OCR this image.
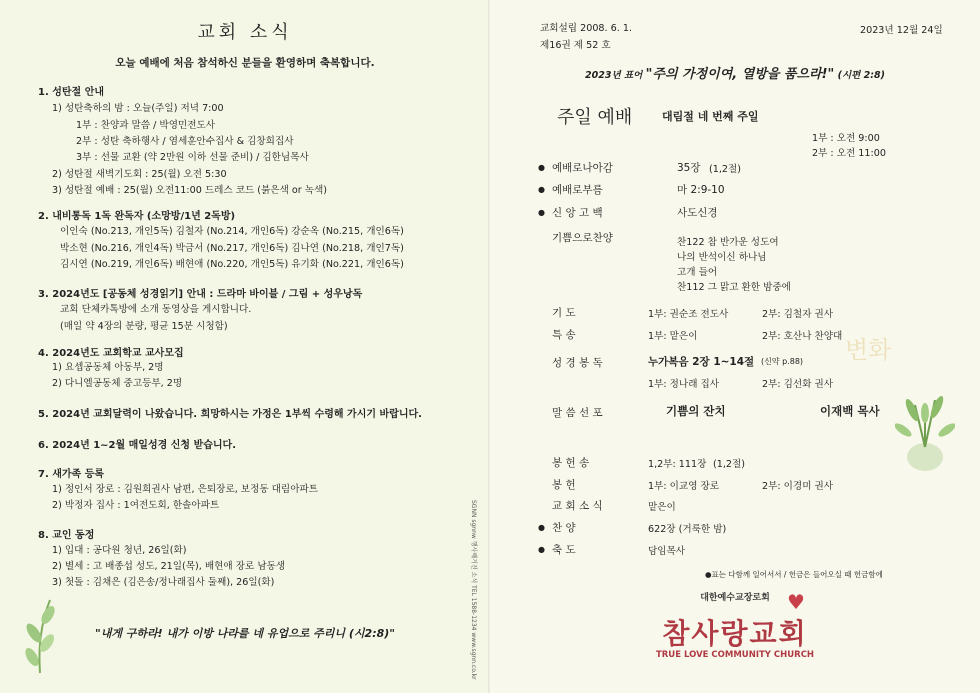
교회 소식
오늘 예배에 처음 참석하신 분들을 환영하며 축복합니다.
1. 성탄절 안내
1) 성탄축하의 밤 : 오늘(주일) 저녁 7:00
1부 : 찬양과 말씀 / 박영민전도사
2부 : 성탄 축하행사 / 염세훈안수집사 & 김창희집사
3부 : 선물 교환 (약 2만원 이하 선물 준비) / 김한님목사
2) 성탄절 새벽기도회 : 25(월) 오전 5:30
3) 성탄절 예배 : 25(월) 오전11:00 드레스 코드 (붉은색 or 녹색)
2. 내비통독 1독 완독자 (소망방/1년 2독방)
이인숙 (No.213, 개인5독) 김철자 (No.214, 개인6독) 강순옥 (No.215, 개인6독)
박소현 (No.216, 개인4독) 박금서 (No.217, 개인6독) 김나연 (No.218, 개인7독)
김시연 (No.219, 개인6독) 배현애 (No.220, 개인5독) 유기화 (No.221, 개인6독)
3. 2024년도 [공동체 성경읽기] 안내 : 드라마 바이블 / 그림 + 성우낭독
교회 단체카톡방에 소개 동영상을 게시합니다.
(매일 약 4장의 분량, 평균 15분 시청함)
4. 2024년도 교회학교 교사모집
1) 요셉공동체 아동부, 2명
2) 다니엘공동체 중고등부, 2명
5. 2024년 교회달력이 나왔습니다. 희망하시는 가정은 1부씩 수령해 가시기 바랍니다.
6. 2024년 1~2월 매일성경 신청 받습니다.
7. 새가족 등록
1) 정인서 장로 : 김원희권사 남편, 은퇴장로, 보정동 대림아파트
2) 박정자 집사 : 1여전도회, 한솔아파트
8. 교인 동정
1) 입대 : 공다원 청년, 26일(화)
2) 별세 : 고 배종섭 성도, 21일(목), 배현애 장로 남동생
3) 첫돌 : 김채은 (김은송/정나래집사 둘째), 26일(화)	SGNN sgnnw 행사매거진 소식 TEL 1588-1234 www.sgnn.co.kr
"내게 구하라! 내가 이방 나라를 네 유업으로 주리니 (시2:8)"
교회설립 2008. 6. 1.
제16권 제 52 호
2023년 12월 24일
2023년 표어 "주의 가정이여, 열방을 품으라!" (시편 2:8)
주일 예배	대림절 네 번째 주일
1부 : 오전 9:00
2부 : 오전 11:00
● 예배로나아감	35장 (1,2절)
● 예배로부름	마 2:9-10
● 신 앙 고 백	사도신경
기쁨으로찬양	찬122 참 반가운 성도여
나의 반석이신 하나님
고개 들어
찬112 그 맑고 환한 밤중에
기 도	1부: 권순조 전도사	2부: 김철자 권사
특 송	1부: 맡은이	2부: 호산나 찬양대
성 경 봉 독	누가복음 2장 1~14절 (신약 p.88)
1부: 정나래 집사	2부: 김선화 권사
말 씀 선 포	기쁨의 잔치	이재백 목사
봉 헌 송	1,2부: 111장 (1,2절)
봉 헌	1부: 이교영 장로	2부: 이경미 권사
교 회 소 식	맡은이
● 찬 양	622장 (거룩한 밤)
● 축 도	담임목사
●표는 다함께 일어서서 / 헌금은 들어오실 때 헌금함에
변화
♥
대한예수교장로회
참사랑교회
TRUE LOVE COMMUNITY CHURCH
